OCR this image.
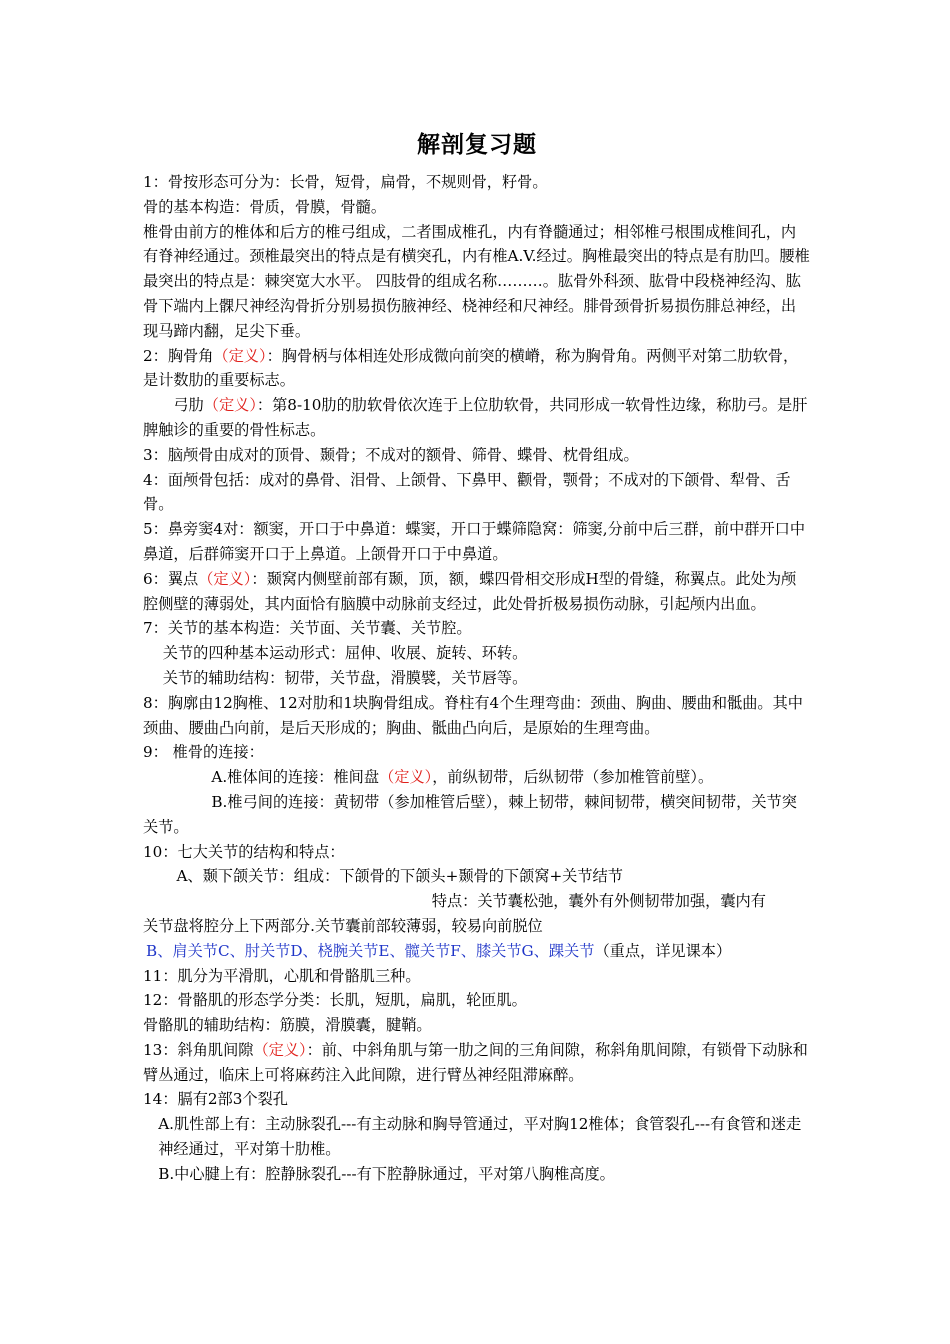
解剖复习题

1：骨按形态可分为：长骨，短骨，扁骨，不规则骨，籽骨。

骨的基本构造：骨质，骨膜，骨髓。

椎骨由前方的椎体和后方的椎弓组成，二者围成椎孔，内有脊髓通过；相邻椎弓根围成椎间孔，内有脊神经通过。颈椎最突出的特点是有横突孔，内有椎A.V.经过。胸椎最突出的特点是有肋凹。腰椎最突出的特点是：棘突宽大水平。 四肢骨的组成名称………。肱骨外科颈、肱骨中段桡神经沟、肱骨下端内上髁尺神经沟骨折分别易损伤腋神经、桡神经和尺神经。腓骨颈骨折易损伤腓总神经，出现马蹄内翻，足尖下垂。

2：胸骨角（定义）：胸骨柄与体相连处形成微向前突的横嵴，称为胸骨角。两侧平对第二肋软骨，是计数肋的重要标志。

弓肋（定义）：第8-10肋的肋软骨依次连于上位肋软骨，共同形成一软骨性边缘，称肋弓。是肝脾触诊的重要的骨性标志。

3：脑颅骨由成对的顶骨、颞骨；不成对的额骨、筛骨、蝶骨、枕骨组成。

4：面颅骨包括：成对的鼻骨、泪骨、上颌骨、下鼻甲、颧骨，颚骨；不成对的下颌骨、犁骨、舌骨。

5：鼻旁窦4对：额窦，开口于中鼻道：蝶窦，开口于蝶筛隐窝：筛窦,分前中后三群，前中群开口中鼻道，后群筛窦开口于上鼻道。上颌骨开口于中鼻道。

6：翼点（定义）：颞窝内侧壁前部有颞，顶，额，蝶四骨相交形成H型的骨缝，称翼点。此处为颅腔侧壁的薄弱处，其内面恰有脑膜中动脉前支经过，此处骨折极易损伤动脉，引起颅内出血。

7：关节的基本构造：关节面、关节囊、关节腔。

关节的四种基本运动形式：屈伸、收展、旋转、环转。

关节的辅助结构：韧带，关节盘，滑膜襞，关节唇等。

8：胸廓由12胸椎、12对肋和1块胸骨组成。脊柱有4个生理弯曲：颈曲、胸曲、腰曲和骶曲。其中颈曲、腰曲凸向前，是后天形成的；胸曲、骶曲凸向后，是原始的生理弯曲。

9： 椎骨的连接：

A.椎体间的连接：椎间盘（定义），前纵韧带，后纵韧带（参加椎管前壁）。

B.椎弓间的连接：黄韧带（参加椎管后壁），棘上韧带，棘间韧带，横突间韧带，关节突关节。

10：七大关节的结构和特点：

A、颞下颌关节：组成：下颌骨的下颌头+颞骨的下颌窝+关节结节

特点：关节囊松弛，囊外有外侧韧带加强，囊内有

关节盘将腔分上下两部分.关节囊前部较薄弱，较易向前脱位

B、肩关节C、肘关节D、桡腕关节E、髋关节F、膝关节G、踝关节（重点，详见课本）

11：肌分为平滑肌，心肌和骨骼肌三种。

12：骨骼肌的形态学分类：长肌，短肌，扁肌，轮匝肌。

骨骼肌的辅助结构：筋膜，滑膜囊，腱鞘。

13：斜角肌间隙（定义）：前、中斜角肌与第一肋之间的三角间隙，称斜角肌间隙，有锁骨下动脉和臂丛通过，临床上可将麻药注入此间隙，进行臂丛神经阻滞麻醉。

14：膈有2部3个裂孔

A.肌性部上有：主动脉裂孔---有主动脉和胸导管通过，平对胸12椎体；食管裂孔---有食管和迷走神经通过，平对第十肋椎。

B.中心腱上有：腔静脉裂孔---有下腔静脉通过，平对第八胸椎高度。
